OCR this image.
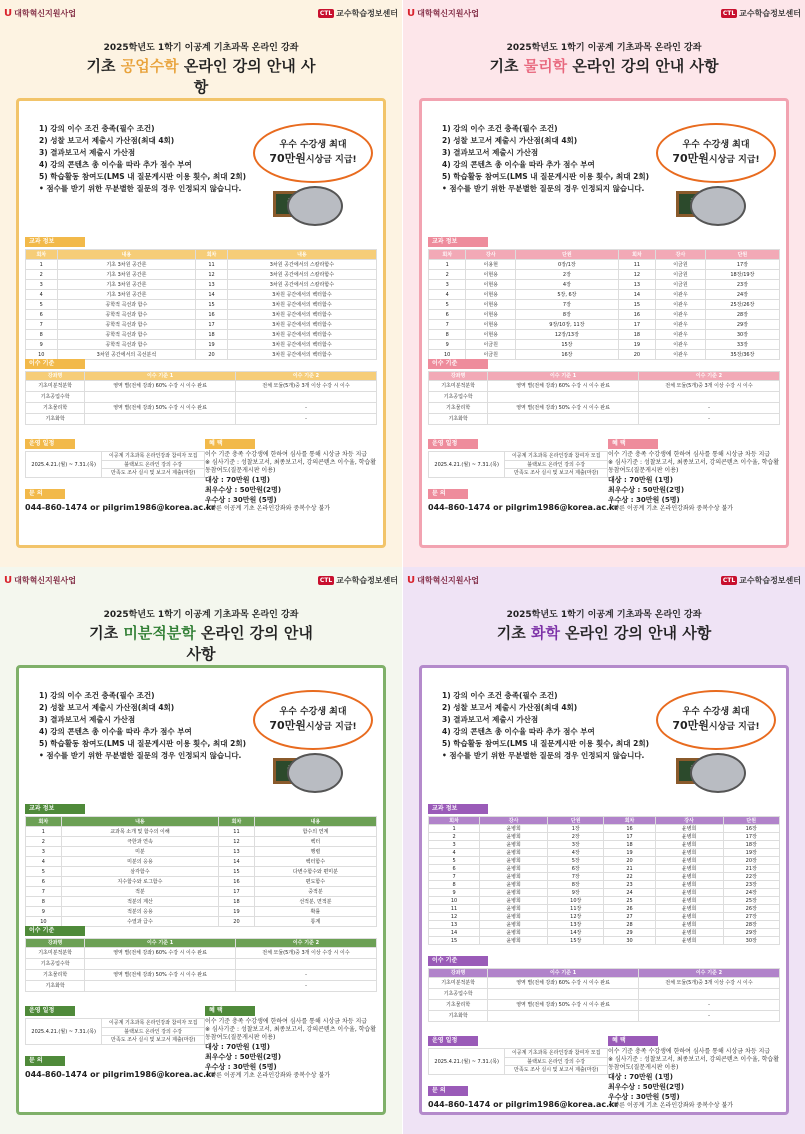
U 대학혁신지원사업	CTL 교수학습정보센터
2025학년도 1학기 이공계 기초과목 온라인 강좌
기초 공업수학 온라인 강의 안내 사항
1) 강의 이수 조건 충족(필수 조건)
2) 성찰 보고서 제출시 가산점(최대 4회)
3) 결과보고서 제출시 가산점
4) 강의 콘텐츠 총 이수율 따라 추가 점수 부여
5) 학습활동 참여도(LMS 내 질문게시판 이용 횟수, 최대 2회)
• 점수를 받기 위한 무분별한 질문의 경우 인정되지 않습니다.
우수 수강생 최대
70만원시상금 지급!
교과 정보
회차	내용	회차	내용
1	기초 3차원 공간론	11	3차원 공간에서의 스칼라함수
2	기초 3차원 공간론	12	3차원 공간에서의 스칼라함수
3	기초 3차원 공간론	13	3차원 공간에서의 스칼라함수
4	기초 3차원 공간론	14	3차원 공간에서의 벡터함수
5	공학적 곡선과 함수	15	3차원 공간에서의 벡터함수
6	공학적 곡선과 함수	16	3차원 공간에서의 벡터함수
7	공학적 곡선과 함수	17	3차원 공간에서의 벡터함수
8	공학적 곡선과 함수	18	3차원 공간에서의 벡터함수
9	공학적 곡선과 함수	19	3차원 공간에서의 벡터함수
10	3차원 공간에서의 곡선분석	20	3차원 공간에서의 벡터함수
이수 기준
강좌명	이수 기준 1	이수 기준 2
기초미분적분학	영역 별(전체 강좌) 60% 수강 시 이수 완료	전체 모듈(5개)중 3개 이상 수강 시 이수
기초공업수학		
기초물리학	영역 별(전체 강좌) 50% 수강 시 이수 완료	-
기초화학		-
운영 일정
2025.4.21.(월) ~ 7.31.(목)	이공계 기초과목 온라인강좌 참여자 모집
블랙보드 온라인 강의 수강
만족도 조사 실시 및 보고서 제출(마감)
혜 택
이수 기준 충족 수강생에 한하여 심사를 통해 시상금 차등 지급
※ 심사기준 : 성찰보고서, 최종보고서, 강의콘텐츠 이수율, 학습활동참여도(질문게시판 이용)
대상 : 70만원 (1명)
최우수상 : 50만원(2명)
우수상 : 30만원 (5명)
• 다른 이공계 기초 온라인강좌와 중복수상 불가
문 의
044-860-1474 or pilgrim1986@korea.ac.kr
U 대학혁신지원사업	CTL 교수학습정보센터
2025학년도 1학기 이공계 기초과목 온라인 강좌
기초 물리학 온라인 강의 안내 사항
1) 강의 이수 조건 충족(필수 조건)
2) 성찰 보고서 제출시 가산점(최대 4회)
3) 결과보고서 제출시 가산점
4) 강의 콘텐츠 총 이수율 따라 추가 점수 부여
5) 학습활동 참여도(LMS 내 질문게시판 이용 횟수, 최대 2회)
• 점수를 받기 위한 무분별한 질문의 경우 인정되지 않습니다.
우수 수강생 최대
70만원시상금 지급!
교과 정보
회차	강사	단원	회차	강사	단원
1	이용현	0장/1장	11	이금원	17장
2	이현용	2장	12	이금원	18장/19장
3	이현용	4장	13	이금원	23장
4	이현용	5장, 6장	14	이관우	24장
5	이현용	7장	15	이관우	25장/26장
6	이현용	8장	16	이관우	28장
7	이현용	9장/10장, 11장	17	이관우	29장
8	이현용	12장/13장	18	이관우	30장
9	이금원	15장	19	이관우	33장
10	이금원	16장	20	이관우	35장/36장
이수 기준
강좌명	이수 기준 1	이수 기준 2
기초미분적분학	영역 별(전체 강좌) 60% 수강 시 이수 완료	전체 모듈(5개)중 3개 이상 수강 시 이수
기초공업수학		
기초물리학	영역 별(전체 강좌) 50% 수강 시 이수 완료	-
기초화학		-
운영 일정
2025.4.21.(월) ~ 7.31.(목)	이공계 기초과목 온라인강좌 참여자 모집
블랙보드 온라인 강의 수강
만족도 조사 실시 및 보고서 제출(마감)
혜 택
이수 기준 충족 수강생에 한하여 심사를 통해 시상금 차등 지급
※ 심사기준 : 성찰보고서, 최종보고서, 강의콘텐츠 이수율, 학습활동참여도(질문게시판 이용)
대상 : 70만원 (1명)
최우수상 : 50만원(2명)
우수상 : 30만원 (5명)
• 다른 이공계 기초 온라인강좌와 중복수상 불가
문 의
044-860-1474 or pilgrim1986@korea.ac.kr
U 대학혁신지원사업	CTL 교수학습정보센터
2025학년도 1학기 이공계 기초과목 온라인 강좌
기초 미분적분학 온라인 강의 안내 사항
1) 강의 이수 조건 충족(필수 조건)
2) 성찰 보고서 제출시 가산점(최대 4회)
3) 결과보고서 제출시 가산점
4) 강의 콘텐츠 총 이수율 따라 추가 점수 부여
5) 학습활동 참여도(LMS 내 질문게시판 이용 횟수, 최대 2회)
• 점수를 받기 위한 무분별한 질문의 경우 인정되지 않습니다.
우수 수강생 최대
70만원시상금 지급!
교과 정보
회차	내용	회차	내용
1	교과목 소개 및 함수의 이해	11	함수의 연계
2	극한과 연속	12	벡터
3	미분	13	행렬
4	미분의 응용	14	벡터함수
5	삼각함수	15	다변수함수와 편미분
6	지수함수와 로그함수	16	편도함수
7	적분	17	중적분
8	적분의 계산	18	선적분, 면적분
9	적분의 응용	19	확률
10	수열과 급수	20	통계
이수 기준
강좌명	이수 기준 1	이수 기준 2
기초미분적분학	영역 별(전체 강좌) 60% 수강 시 이수 완료	전체 모듈(5개)중 3개 이상 수강 시 이수
기초공업수학		
기초물리학	영역 별(전체 강좌) 50% 수강 시 이수 완료	-
기초화학		-
운영 일정
2025.4.21.(월) ~ 7.31.(목)	이공계 기초과목 온라인강좌 참여자 모집
블랙보드 온라인 강의 수강
만족도 조사 실시 및 보고서 제출(마감)
혜 택
이수 기준 충족 수강생에 한하여 심사를 통해 시상금 차등 지급
※ 심사기준 : 성찰보고서, 최종보고서, 강의콘텐츠 이수율, 학습활동참여도(질문게시판 이용)
대상 : 70만원 (1명)
최우수상 : 50만원(2명)
우수상 : 30만원 (5명)
• 다른 이공계 기초 온라인강좌와 중복수상 불가
문 의
044-860-1474 or pilgrim1986@korea.ac.kr
U 대학혁신지원사업	CTL 교수학습정보센터
2025학년도 1학기 이공계 기초과목 온라인 강좌
기초 화학 온라인 강의 안내 사항
1) 강의 이수 조건 충족(필수 조건)
2) 성찰 보고서 제출시 가산점(최대 4회)
3) 결과보고서 제출시 가산점
4) 강의 콘텐츠 총 이수율 따라 추가 점수 부여
5) 학습활동 참여도(LMS 내 질문게시판 이용 횟수, 최대 2회)
• 점수를 받기 위한 무분별한 질문의 경우 인정되지 않습니다.
우수 수강생 최대
70만원시상금 지급!
교과 정보
회차	강사	단원	회차	강사	단원
1	윤병희	1장	16	윤병희	16장
2	윤병희	2장	17	윤병희	17장
3	윤병희	3장	18	윤병희	18장
4	윤병희	4장	19	윤병희	19장
5	윤병희	5장	20	윤병희	20장
6	윤병희	6장	21	윤병희	21장
7	윤병희	7장	22	윤병희	22장
8	윤병희	8장	23	윤병희	23장
9	윤병희	9장	24	윤병희	24장
10	윤병희	10장	25	윤병희	25장
11	윤병희	11장	26	윤병희	26장
12	윤병희	12장	27	윤병희	27장
13	윤병희	13장	28	윤병희	28장
14	윤병희	14장	29	윤병희	29장
15	윤병희	15장	30	윤병희	30장
이수 기준
강좌명	이수 기준 1	이수 기준 2
기초미분적분학	영역 별(전체 강좌) 60% 수강 시 이수 완료	전체 모듈(5개)중 3개 이상 수강 시 이수
기초공업수학		
기초물리학	영역 별(전체 강좌) 50% 수강 시 이수 완료	-
기초화학		-
운영 일정
2025.4.21.(월) ~ 7.31.(목)	이공계 기초과목 온라인강좌 참여자 모집
블랙보드 온라인 강의 수강
만족도 조사 실시 및 보고서 제출(마감)
혜 택
이수 기준 충족 수강생에 한하여 심사를 통해 시상금 차등 지급
※ 심사기준 : 성찰보고서, 최종보고서, 강의콘텐츠 이수율, 학습활동참여도(질문게시판 이용)
대상 : 70만원 (1명)
최우수상 : 50만원(2명)
우수상 : 30만원 (5명)
• 다른 이공계 기초 온라인강좌와 중복수상 불가
문 의
044-860-1474 or pilgrim1986@korea.ac.kr
